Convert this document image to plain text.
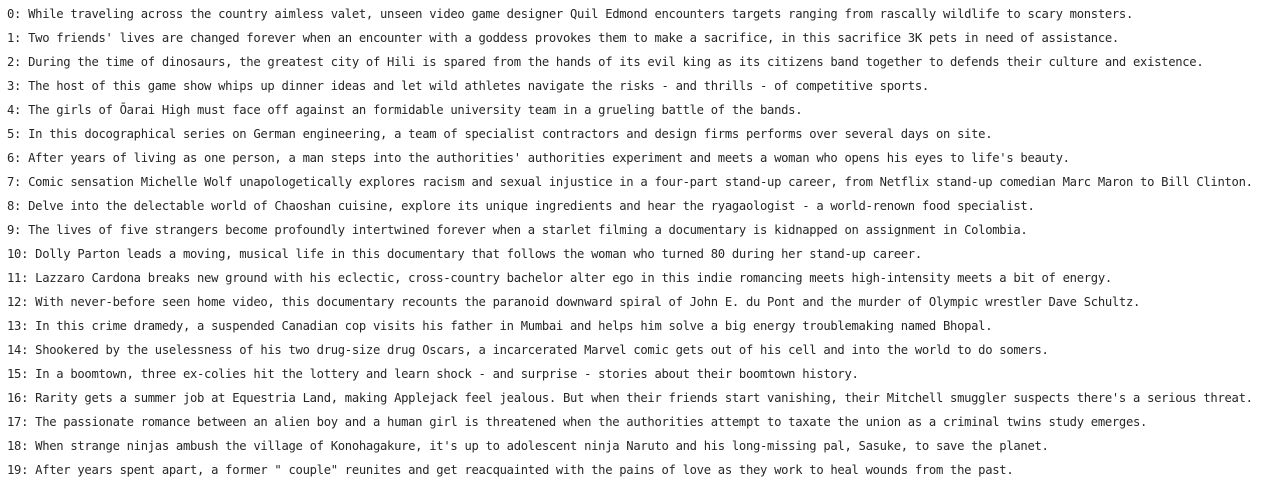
0: While traveling across the country aimless valet, unseen video game designer Quil Edmond encounters targets ranging from rascally wildlife to scary monsters.
1: Two friends' lives are changed forever when an encounter with a goddess provokes them to make a sacrifice, in this sacrifice 3K pets in need of assistance.
2: During the time of dinosaurs, the greatest city of Hili is spared from the hands of its evil king as its citizens band together to defends their culture and existence.
3: The host of this game show whips up dinner ideas and let wild athletes navigate the risks - and thrills - of competitive sports.
4: The girls of Ōarai High must face off against an formidable university team in a grueling battle of the bands.
5: In this docographical series on German engineering, a team of specialist contractors and design firms performs over several days on site.
6: After years of living as one person, a man steps into the authorities' authorities experiment and meets a woman who opens his eyes to life's beauty.
7: Comic sensation Michelle Wolf unapologetically explores racism and sexual injustice in a four-part stand-up career, from Netflix stand-up comedian Marc Maron to Bill Clinton.
8: Delve into the delectable world of Chaoshan cuisine, explore its unique ingredients and hear the ryagaologist - a world-renown food specialist.
9: The lives of five strangers become profoundly intertwined forever when a starlet filming a documentary is kidnapped on assignment in Colombia.
10: Dolly Parton leads a moving, musical life in this documentary that follows the woman who turned 80 during her stand-up career.
11: Lazzaro Cardona breaks new ground with his eclectic, cross-country bachelor alter ego in this indie romancing meets high-intensity meets a bit of energy.
12: With never-before seen home video, this documentary recounts the paranoid downward spiral of John E. du Pont and the murder of Olympic wrestler Dave Schultz.
13: In this crime dramedy, a suspended Canadian cop visits his father in Mumbai and helps him solve a big energy troublemaking named Bhopal.
14: Shookered by the uselessness of his two drug-size drug Oscars, a incarcerated Marvel comic gets out of his cell and into the world to do somers.
15: In a boomtown, three ex-colies hit the lottery and learn shock - and surprise - stories about their boomtown history.
16: Rarity gets a summer job at Equestria Land, making Applejack feel jealous. But when their friends start vanishing, their Mitchell smuggler suspects there's a serious threat.
17: The passionate romance between an alien boy and a human girl is threatened when the authorities attempt to taxate the union as a criminal twins study emerges.
18: When strange ninjas ambush the village of Konohagakure, it's up to adolescent ninja Naruto and his long-missing pal, Sasuke, to save the planet.
19: After years spent apart, a former " couple" reunites and get reacquainted with the pains of love as they work to heal wounds from the past.
